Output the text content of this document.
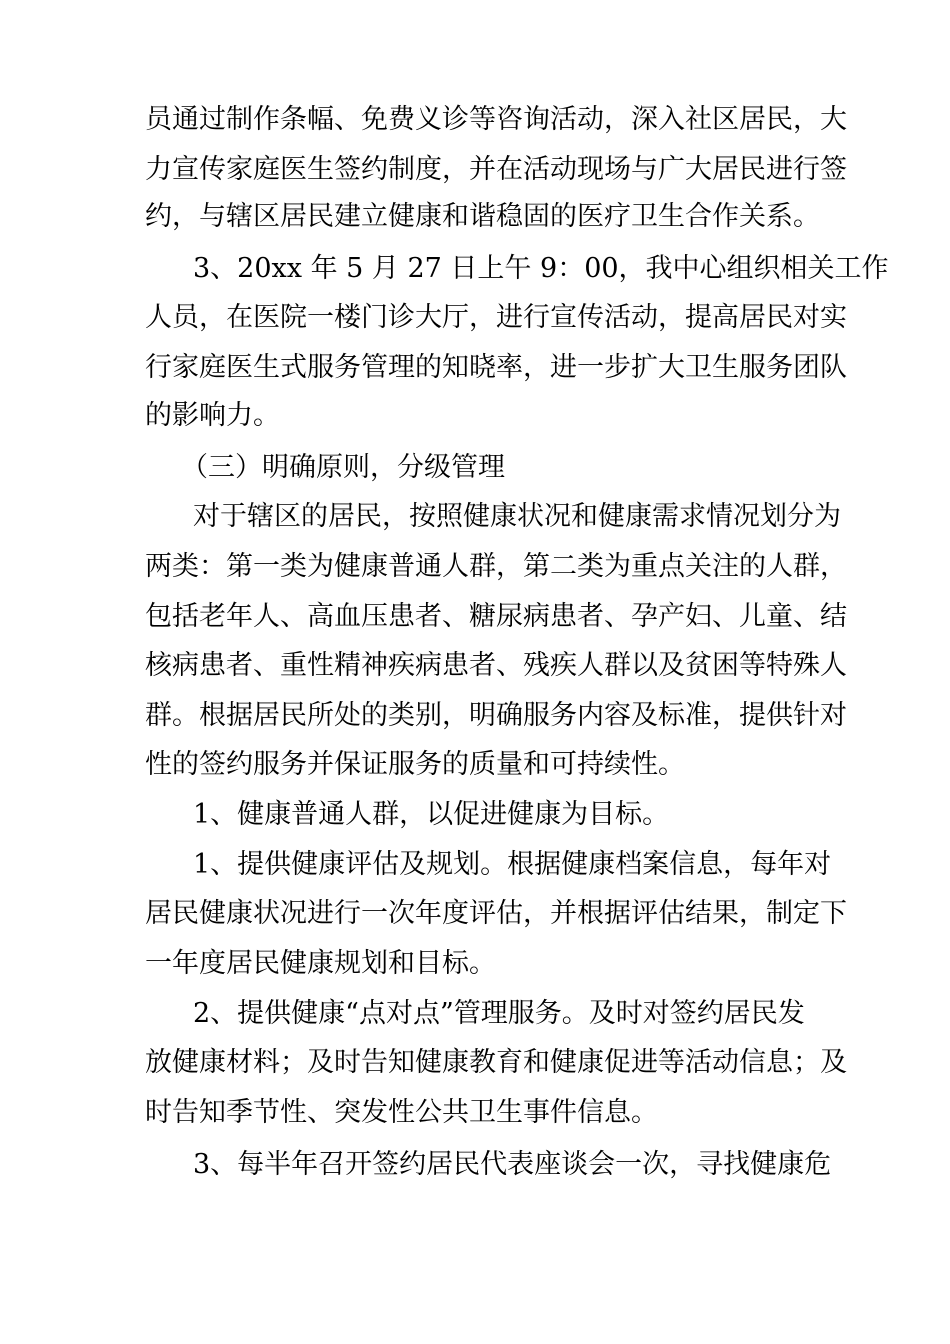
员通过制作条幅、免费义诊等咨询活动，深入社区居民，大
力宣传家庭医生签约制度，并在活动现场与广大居民进行签
约，与辖区居民建立健康和谐稳固的医疗卫生合作关系。
3、20xx 年 5 月 27 日上午 9：00，我中心组织相关工作
人员，在医院一楼门诊大厅，进行宣传活动，提高居民对实
行家庭医生式服务管理的知晓率，进一步扩大卫生服务团队
的影响力。
（三）明确原则，分级管理
对于辖区的居民，按照健康状况和健康需求情况划分为
两类：第一类为健康普通人群，第二类为重点关注的人群，
包括老年人、高血压患者、糖尿病患者、孕产妇、儿童、结
核病患者、重性精神疾病患者、残疾人群以及贫困等特殊人
群。根据居民所处的类别，明确服务内容及标准，提供针对
性的签约服务并保证服务的质量和可持续性。
1、健康普通人群，以促进健康为目标。
1、提供健康评估及规划。根据健康档案信息，每年对
居民健康状况进行一次年度评估，并根据评估结果，制定下
一年度居民健康规划和目标。
2、提供健康“点对点”管理服务。及时对签约居民发
放健康材料；及时告知健康教育和健康促进等活动信息；及
时告知季节性、突发性公共卫生事件信息。
3、每半年召开签约居民代表座谈会一次，寻找健康危
